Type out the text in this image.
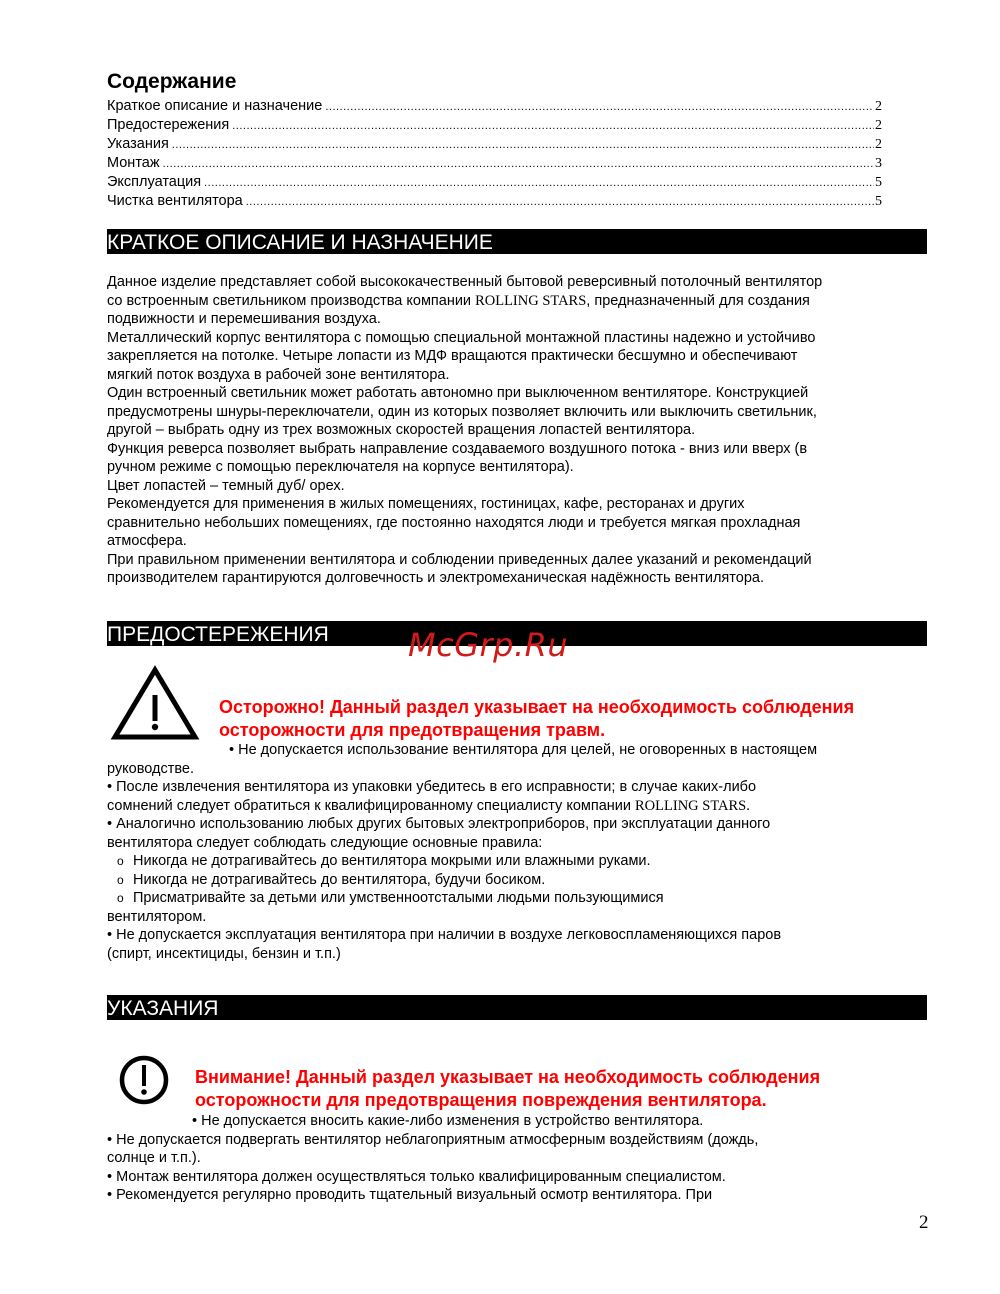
Содержание
Краткое описание и назначение .....	2
Предостережения .....	2
Указания .....	2
Монтаж .....	3
Эксплуатация .....	5
Чистка вентилятора .....	5
КРАТКОЕ ОПИСАНИЕ И НАЗНАЧЕНИЕ

Данное изделие представляет собой высококачественный бытовой реверсивный потолочный вентилятор

со встроенным светильником производства компании ROLLING STARS, предназначенный для создания

подвижности и перемешивания воздуха.

Металлический корпус вентилятора с помощью специальной монтажной пластины надежно и устойчиво

закрепляется на потолке. Четыре лопасти из МДФ вращаются практически бесшумно и обеспечивают

мягкий поток воздуха в рабочей зоне вентилятора.

Один встроенный светильник может работать автономно при выключенном вентиляторе. Конструкцией

предусмотрены шнуры-переключатели, один из которых позволяет включить или выключить светильник,

другой – выбрать одну из трех возможных скоростей вращения лопастей вентилятора.

Функция реверса позволяет выбрать направление создаваемого воздушного потока - вниз или вверх (в

ручном режиме с помощью переключателя на корпусе вентилятора).

Цвет лопастей – темный дуб/ орех.

Рекомендуется для применения в жилых помещениях, гостиницах, кафе, ресторанах и других

сравнительно небольших помещениях, где постоянно находятся люди и требуется мягкая прохладная

атмосфера.

При правильном применении вентилятора и соблюдении приведенных далее указаний и рекомендаций

производителем гарантируются долговечность и электромеханическая надёжность вентилятора.

ПРЕДОСТЕРЕЖЕНИЯ	McGrp.Ru
Осторожно! Данный раздел указывает на необходимость соблюдения
осторожности для предотвращения травм.

• Не допускается использование вентилятора для целей, не оговоренных в настоящем

руководстве.

• После извлечения вентилятора из упаковки убедитесь в его исправности; в случае каких-либо

сомнений следует обратиться к квалифицированному специалисту компании ROLLING STARS.

• Аналогично использованию любых других бытовых электроприборов, при эксплуатации данного

вентилятора следует соблюдать следующие основные правила:

o Никогда не дотрагивайтесь до вентилятора мокрыми или влажными руками.

o Никогда не дотрагивайтесь до вентилятора, будучи босиком.

o Присматривайте за детьми или умственноотсталыми людьми пользующимися

вентилятором.

• Не допускается эксплуатация вентилятора при наличии в воздухе легковоспламеняющихся паров

(спирт, инсектициды, бензин и т.п.)

УКАЗАНИЯ
Внимание! Данный раздел указывает на необходимость соблюдения
осторожности для предотвращения повреждения вентилятора.

• Не допускается вносить какие-либо изменения в устройство вентилятора.

• Не допускается подвергать вентилятор неблагоприятным атмосферным воздействиям (дождь,

солнце и т.п.).

• Монтаж вентилятора должен осуществляться только квалифицированным специалистом.

• Рекомендуется регулярно проводить тщательный визуальный осмотр вентилятора. При

2
